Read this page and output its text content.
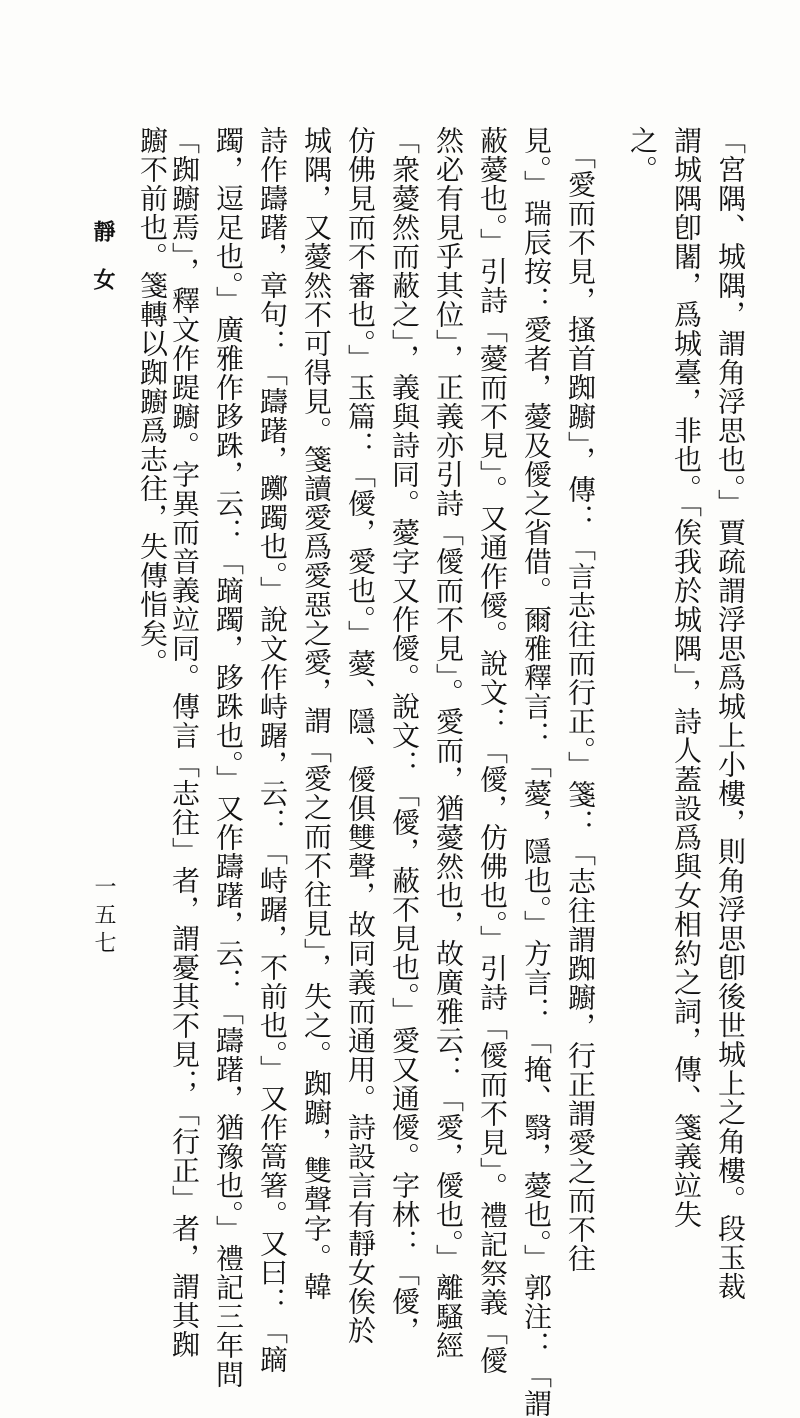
「宮隅、城隅，謂角浮思也。」賈疏謂浮思爲城上小樓，則角浮思卽後世城上之角樓。段玉裁
謂城隅卽闍，爲城臺，非也。「俟我於城隅」，詩人蓋設爲與女相約之詞，傳、箋義竝失
之。
　「愛而不見，搔首踟躕」，傳：「言志往而行正。」箋：「志往謂踟躕，行正謂愛之而不往
見。」瑞辰按：愛者，薆及僾之省借。爾雅釋言：「薆，隱也。」方言：「掩、翳，薆也。」郭注：「謂
蔽薆也。」引詩「薆而不見」。又通作僾。說文：「僾，仿佛也。」引詩「僾而不見」。禮記祭義「僾
然必有見乎其位」，正義亦引詩「僾而不見」。愛而，猶薆然也，故廣雅云：「愛，僾也。」離騷經
「衆薆然而蔽之」，義與詩同。薆字又作僾。說文：「僾，蔽不見也。」愛又通僾。字林：「僾，
仿佛見而不審也。」玉篇：「僾，愛也。」薆、隱、僾俱雙聲，故同義而通用。詩設言有靜女俟於
城隅，又薆然不可得見。箋讀愛爲愛惡之愛，謂「愛之而不往見」，失之。踟躕，雙聲字。韓
詩作躊躇，章句：「躊躇，躑躅也。」說文作峙䠧，云：「峙䠧，不前也。」又作篙箸。又曰：「蹢
躅，逗足也。」廣雅作跢跦，云：「蹢躅，跢跦也。」又作躊躇，云：「躊躇，猶豫也。」禮記三年問
「踟躕焉」，釋文作踶躕。字異而音義竝同。傳言「志往」者，謂憂其不見；「行正」者，謂其踟
躕不前也。箋轉以踟躕爲志往，失傳恉矣。
靜女
一五七
